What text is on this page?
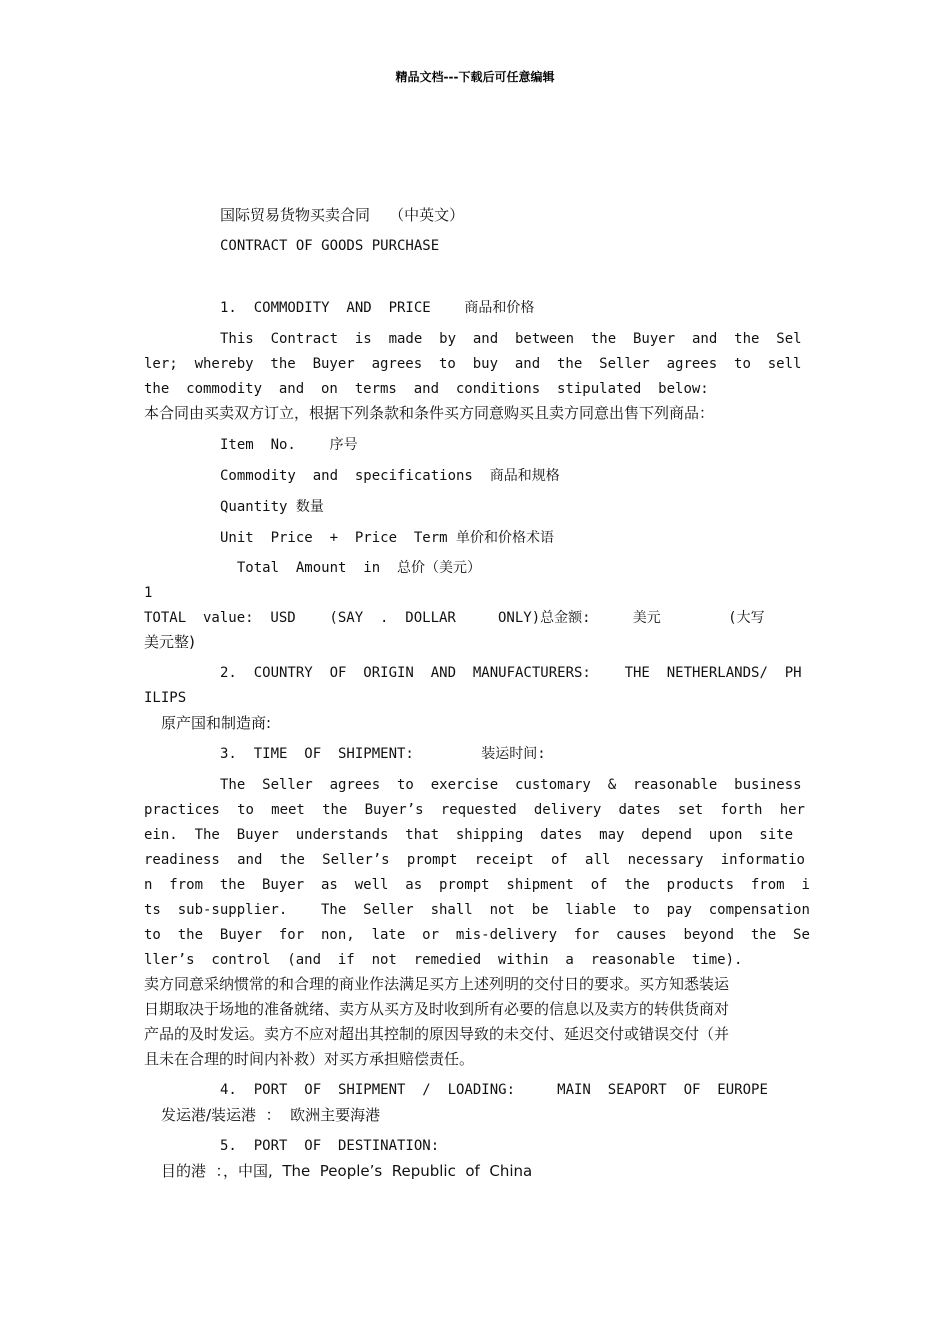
精品文档---下载后可任意编辑
国际贸易货物买卖合同    （中英文）
CONTRACT OF GOODS PURCHASE
1.  COMMODITY  AND  PRICE    商品和价格
This  Contract  is  made  by  and  between  the  Buyer  and  the  Sel
ler;  whereby  the  Buyer  agrees  to  buy  and  the  Seller  agrees  to  sell
the  commodity  and  on  terms  and  conditions  stipulated  below:
本合同由买卖双方订立，根据下列条款和条件买方同意购买且卖方同意出售下列商品：
Item  No.    序号
Commodity  and  specifications  商品和规格
Quantity 数量
Unit  Price  +  Price  Term 单价和价格术语
Total  Amount  in  总价（美元）
1
TOTAL  value:  USD    (SAY  .  DOLLAR     ONLY)总金额:     美元        (大写
美元整)
2.  COUNTRY  OF  ORIGIN  AND  MANUFACTURERS:    THE  NETHERLANDS/  PH
ILIPS
原产国和制造商:
3.  TIME  OF  SHIPMENT:        装运时间:
The  Seller  agrees  to  exercise  customary  &  reasonable  business
practices  to  meet  the  Buyer’s  requested  delivery  dates  set  forth  her
ein.  The  Buyer  understands  that  shipping  dates  may  depend  upon  site
readiness  and  the  Seller’s  prompt  receipt  of  all  necessary  informatio
n  from  the  Buyer  as  well  as  prompt  shipment  of  the  products  from  i
ts  sub-supplier.    The  Seller  shall  not  be  liable  to  pay  compensation
to  the  Buyer  for  non,  late  or  mis-delivery  for  causes  beyond  the  Se
ller’s  control  (and  if  not  remedied  within  a  reasonable  time).
卖方同意采纳惯常的和合理的商业作法满足买方上述列明的交付日的要求。买方知悉装运
日期取决于场地的准备就绪、卖方从买方及时收到所有必要的信息以及卖方的转供货商对
产品的及时发运。卖方不应对超出其控制的原因导致的未交付、延迟交付或错误交付（并
且未在合理的时间内补救）对买方承担赔偿责任。
4.  PORT  OF  SHIPMENT  /  LOADING:     MAIN  SEAPORT  OF  EUROPE
发运港/装运港  ：  欧洲主要海港
5.  PORT  OF  DESTINATION:
目的港  ：，中国,  The  People’s  Republic  of  China
